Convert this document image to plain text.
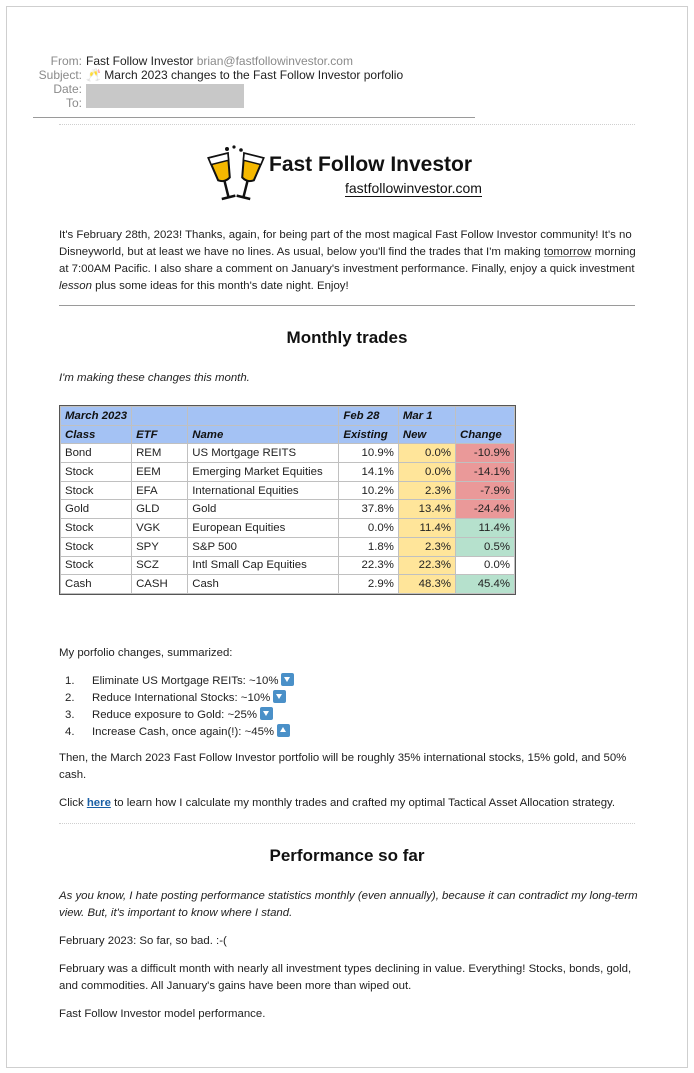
From: Fast Follow Investor brian@fastfollowinvestor.com
Subject: 🥂 March 2023 changes to the Fast Follow Investor porfolio
Date:
To:
Fast Follow Investor
fastfollowinvestor.com
It's February 28th, 2023! Thanks, again, for being part of the most magical Fast Follow Investor community! It's no Disneyworld, but at least we have no lines. As usual, below you'll find the trades that I'm making tomorrow morning at 7:00AM Pacific. I also share a comment on January's investment performance. Finally, enjoy a quick investment lesson plus some ideas for this month's date night. Enjoy!
Monthly trades
I'm making these changes this month.
March 2023			Feb 28	Mar 1	
Class	ETF	Name	Existing	New	Change
Bond	REM	US Mortgage REITS	10.9%	0.0%	-10.9%
Stock	EEM	Emerging Market Equities	14.1%	0.0%	-14.1%
Stock	EFA	International Equities	10.2%	2.3%	-7.9%
Gold	GLD	Gold	37.8%	13.4%	-24.4%
Stock	VGK	European Equities	0.0%	11.4%	11.4%
Stock	SPY	S&P 500	1.8%	2.3%	0.5%
Stock	SCZ	Intl Small Cap Equities	22.3%	22.3%	0.0%
Cash	CASH	Cash	2.9%	48.3%	45.4%
My porfolio changes, summarized:
1.	Eliminate US Mortgage REITs: ~10%
2.	Reduce International Stocks: ~10%
3.	Reduce exposure to Gold: ~25%
4.	Increase Cash, once again(!): ~45%
Then, the March 2023 Fast Follow Investor portfolio will be roughly 35% international stocks, 15% gold, and 50% cash.
Click here to learn how I calculate my monthly trades and crafted my optimal Tactical Asset Allocation strategy.
Performance so far
As you know, I hate posting performance statistics monthly (even annually), because it can contradict my long-term view. But, it's important to know where I stand.
February 2023: So far, so bad. :-(
February was a difficult month with nearly all investment types declining in value. Everything! Stocks, bonds, gold, and commodities. All January's gains have been more than wiped out.
Fast Follow Investor model performance.
